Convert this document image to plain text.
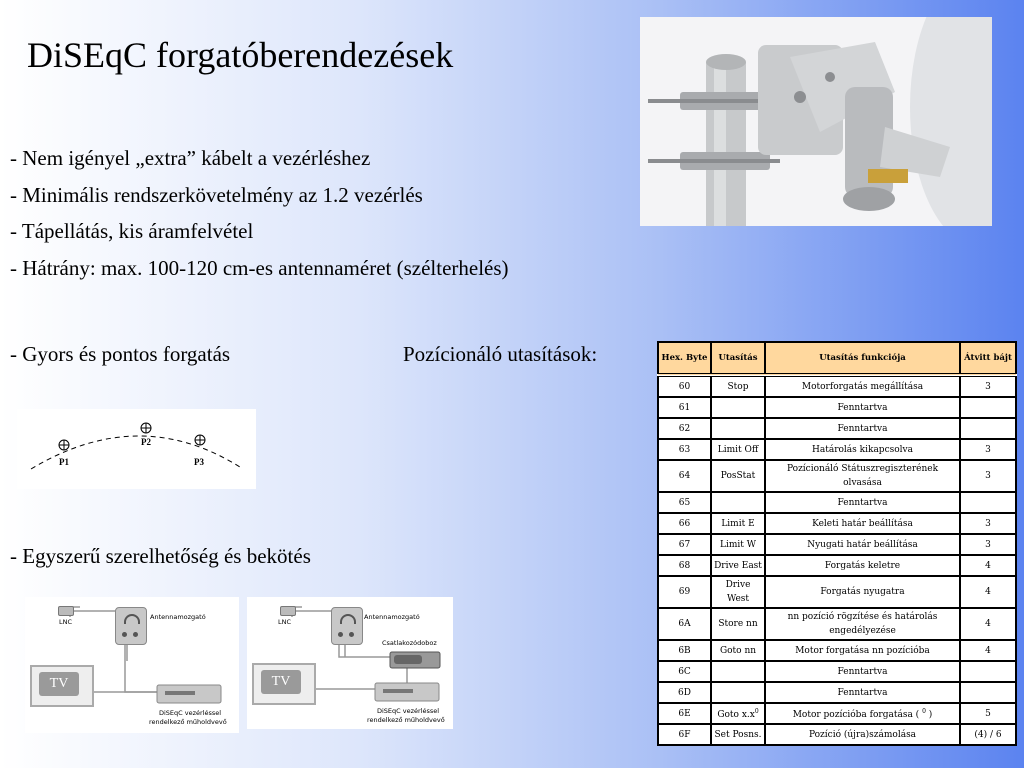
DiSEqC forgatóberendezések
- Nem igényel „extra” kábelt a vezérléshez
- Minimális rendszerkövetelmény az 1.2 vezérlés
- Tápellátás, kis áramfelvétel
- Hátrány: max. 100-120 cm-es antennaméret (szélterhelés)
- Gyors és pontos forgatás	Pozícionáló utasítások:
- Egyszerű szerelhetőség és bekötés
P1
P2
P3
LNC
Antennamozgató
TV
DiSEqC vezérléssel
rendelkező műholdvevő
LNC
Antennamozgató
Csatlakozódoboz
TV
DiSEqC vezérléssel
rendelkező műholdvevő
Hex. Byte	Utasítás	Utasítás funkciója	Átvitt bájt
60	Stop	Motorforgatás megállítása	3
61		Fenntartva	
62		Fenntartva	
63	Limit Off	Határolás kikapcsolva	3
64	PosStat	Pozícionáló Státuszregiszterének olvasása	3
65		Fenntartva	
66	Limit E	Keleti határ beállítása	3
67	Limit W	Nyugati határ beállítása	3
68	Drive East	Forgatás keletre	4
69	Drive West	Forgatás nyugatra	4
6A	Store nn	nn pozíció rögzítése és határolás engedélyezése	4
6B	Goto nn	Motor forgatása nn pozícióba	4
6C		Fenntartva	
6D		Fenntartva	
6E	Goto $x.x^0$	Motor pozícióba forgatása ( $^0$ )	5
6F	Set Posns.	Pozíció (újra)számolása	(4) / 6
